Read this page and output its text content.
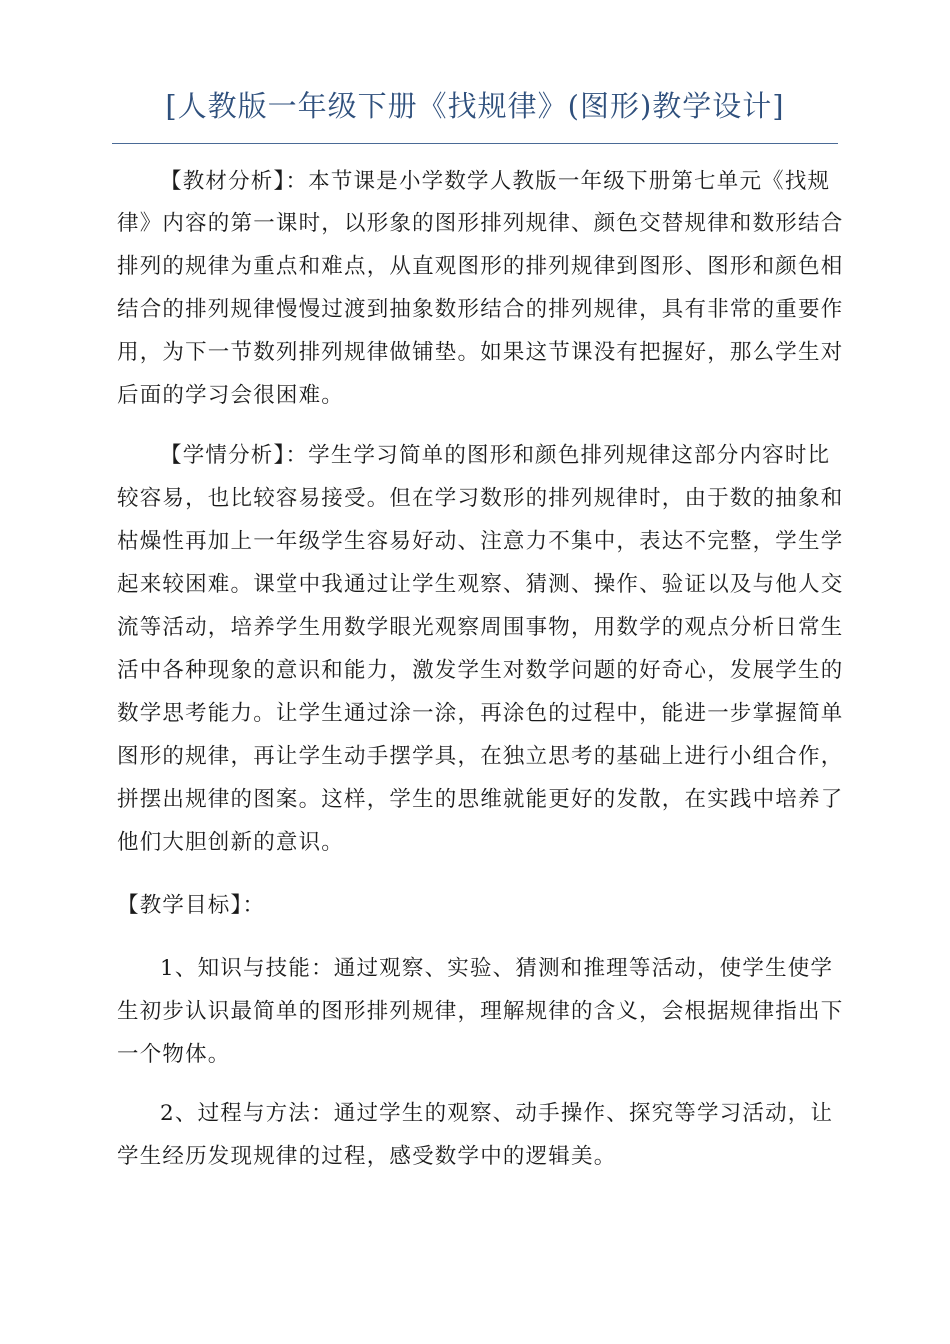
[人教版一年级下册《找规律》(图形)教学设计]
【教材分析】：本节课是小学数学人教版一年级下册第七单元《找规
律》内容的第一课时，以形象的图形排列规律、颜色交替规律和数形结合
排列的规律为重点和难点，从直观图形的排列规律到图形、图形和颜色相
结合的排列规律慢慢过渡到抽象数形结合的排列规律，具有非常的重要作
用，为下一节数列排列规律做铺垫。如果这节课没有把握好，那么学生对
后面的学习会很困难。
【学情分析】：学生学习简单的图形和颜色排列规律这部分内容时比
较容易，也比较容易接受。但在学习数形的排列规律时，由于数的抽象和
枯燥性再加上一年级学生容易好动、注意力不集中，表达不完整，学生学
起来较困难。课堂中我通过让学生观察、猜测、操作、验证以及与他人交
流等活动，培养学生用数学眼光观察周围事物，用数学的观点分析日常生
活中各种现象的意识和能力，激发学生对数学问题的好奇心，发展学生的
数学思考能力。让学生通过涂一涂，再涂色的过程中，能进一步掌握简单
图形的规律，再让学生动手摆学具，在独立思考的基础上进行小组合作，
拼摆出规律的图案。这样，学生的思维就能更好的发散，在实践中培养了
他们大胆创新的意识。
【教学目标】：
1、知识与技能：通过观察、实验、猜测和推理等活动，使学生使学
生初步认识最简单的图形排列规律，理解规律的含义，会根据规律指出下
一个物体。
2、过程与方法：通过学生的观察、动手操作、探究等学习活动，让
学生经历发现规律的过程，感受数学中的逻辑美。
